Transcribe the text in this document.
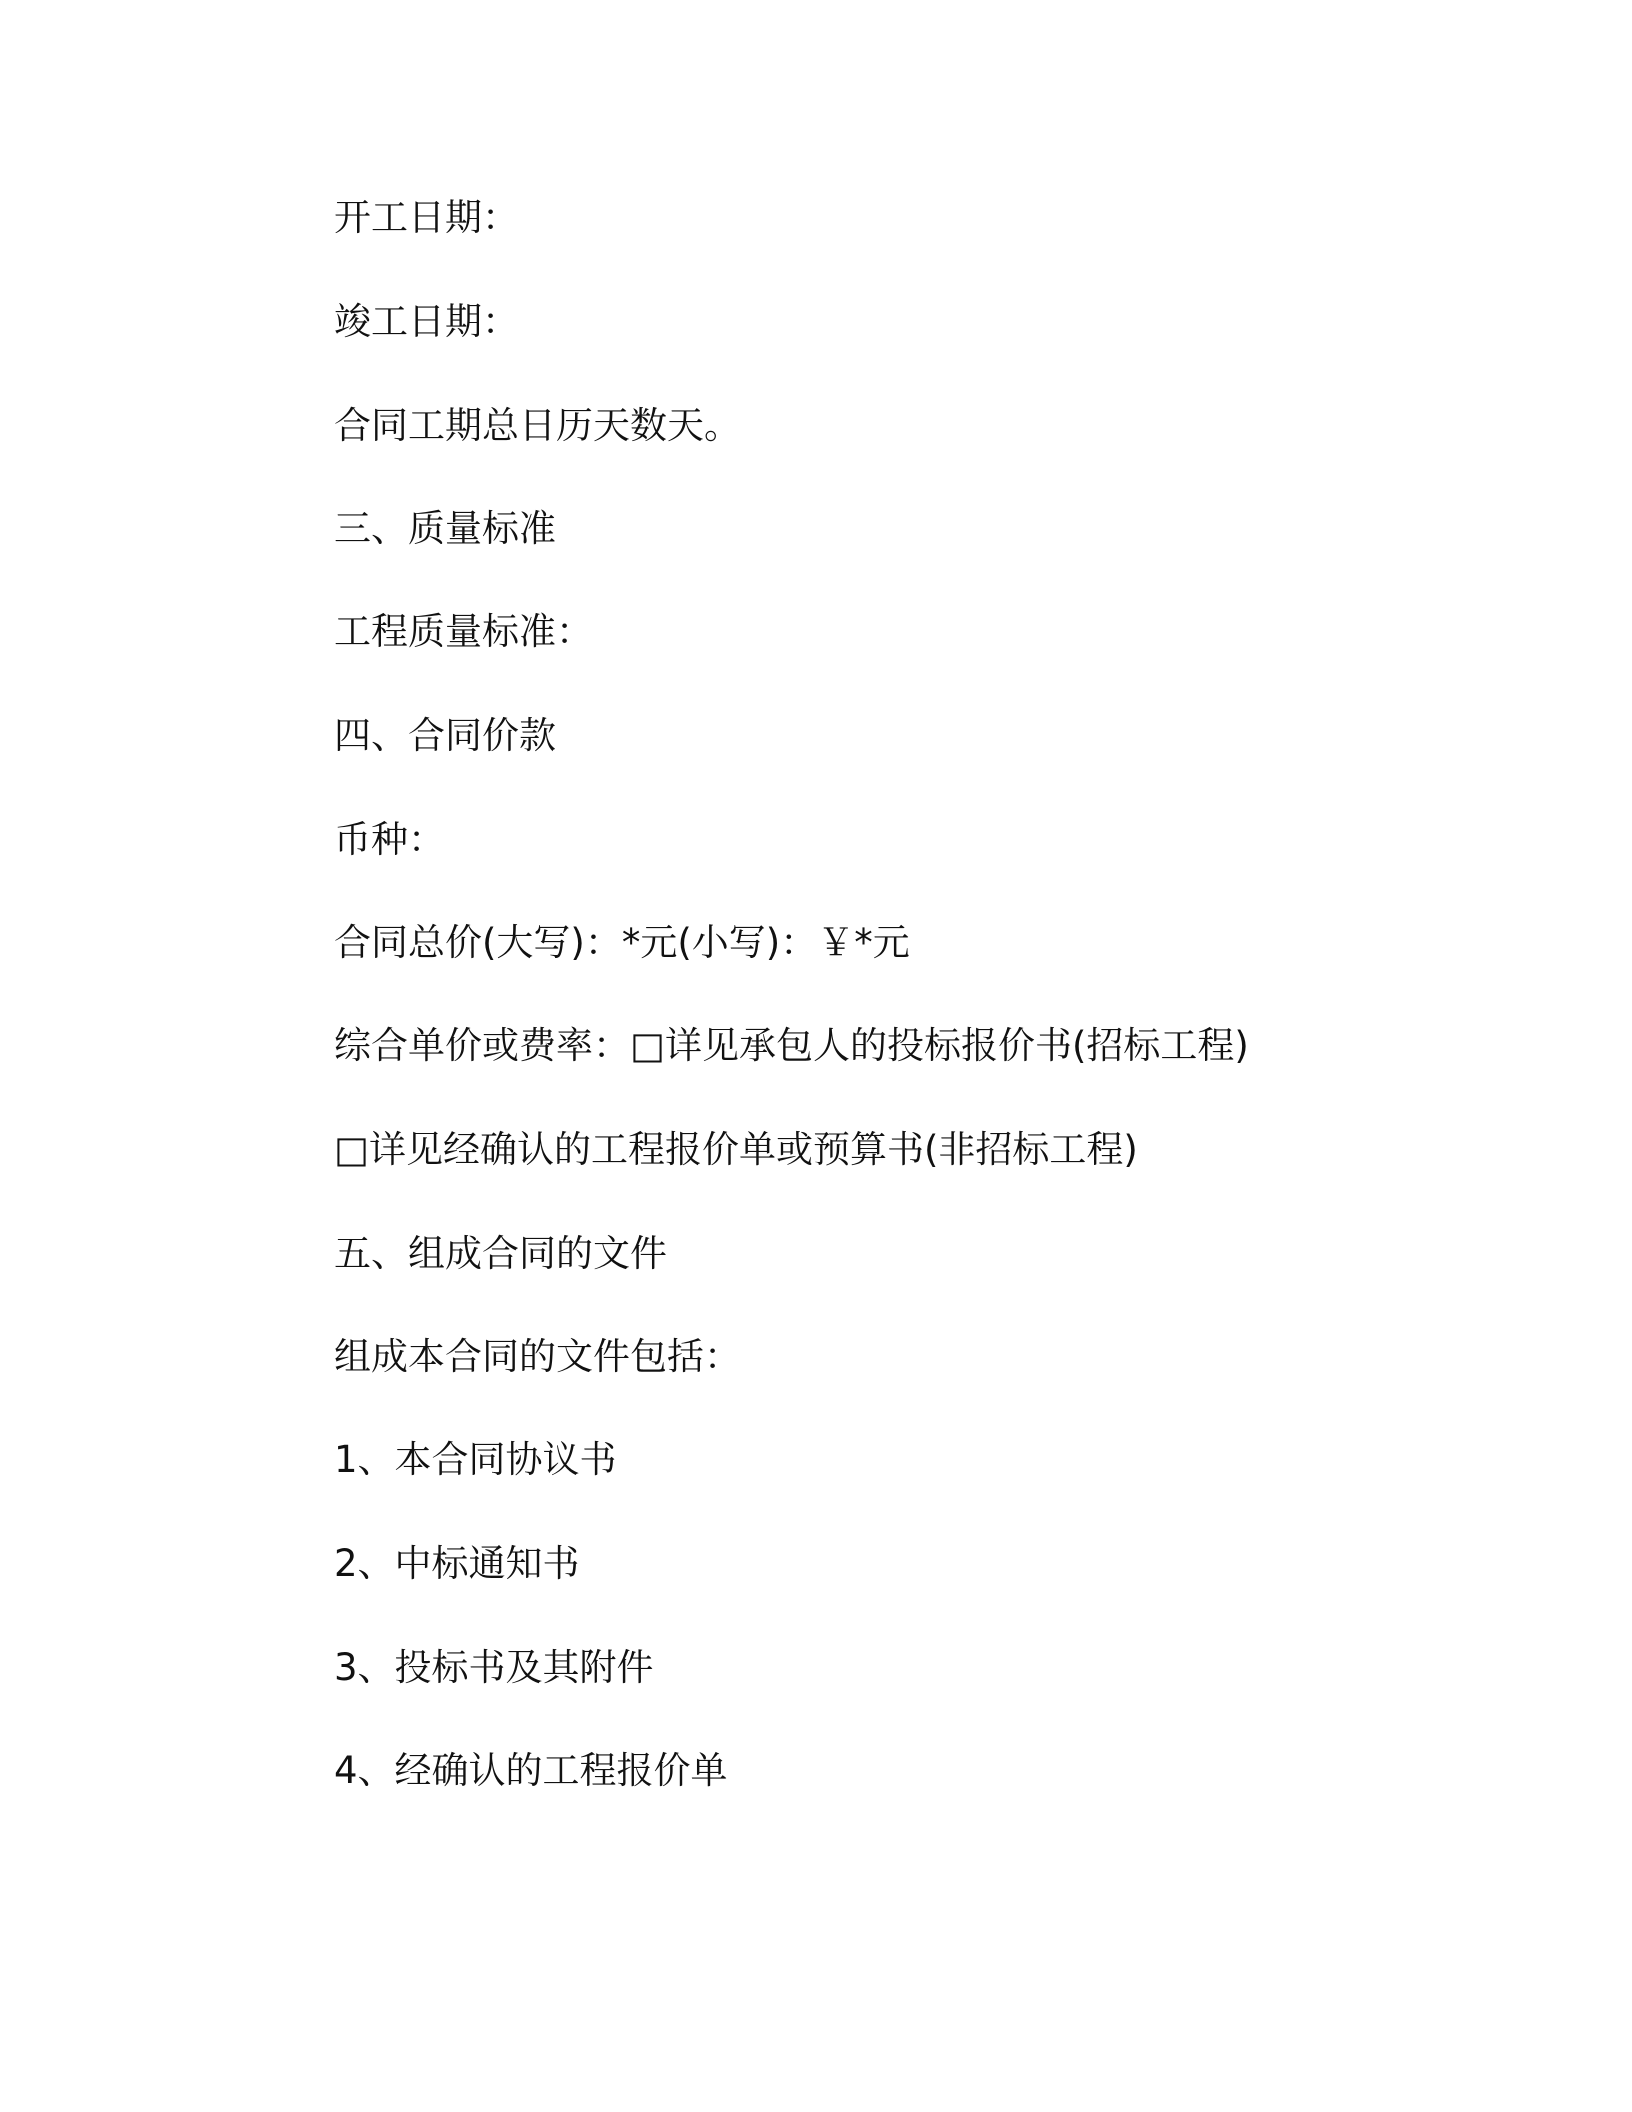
开工日期：
竣工日期：
合同工期总日历天数天。
三、质量标准
工程质量标准：
四、合同价款
币种：
合同总价(大写)：*元(小写)：￥*元
综合单价或费率：□详见承包人的投标报价书(招标工程)
□详见经确认的工程报价单或预算书(非招标工程)
五、组成合同的文件
组成本合同的文件包括：
1、本合同协议书
2、中标通知书
3、投标书及其附件
4、经确认的工程报价单
